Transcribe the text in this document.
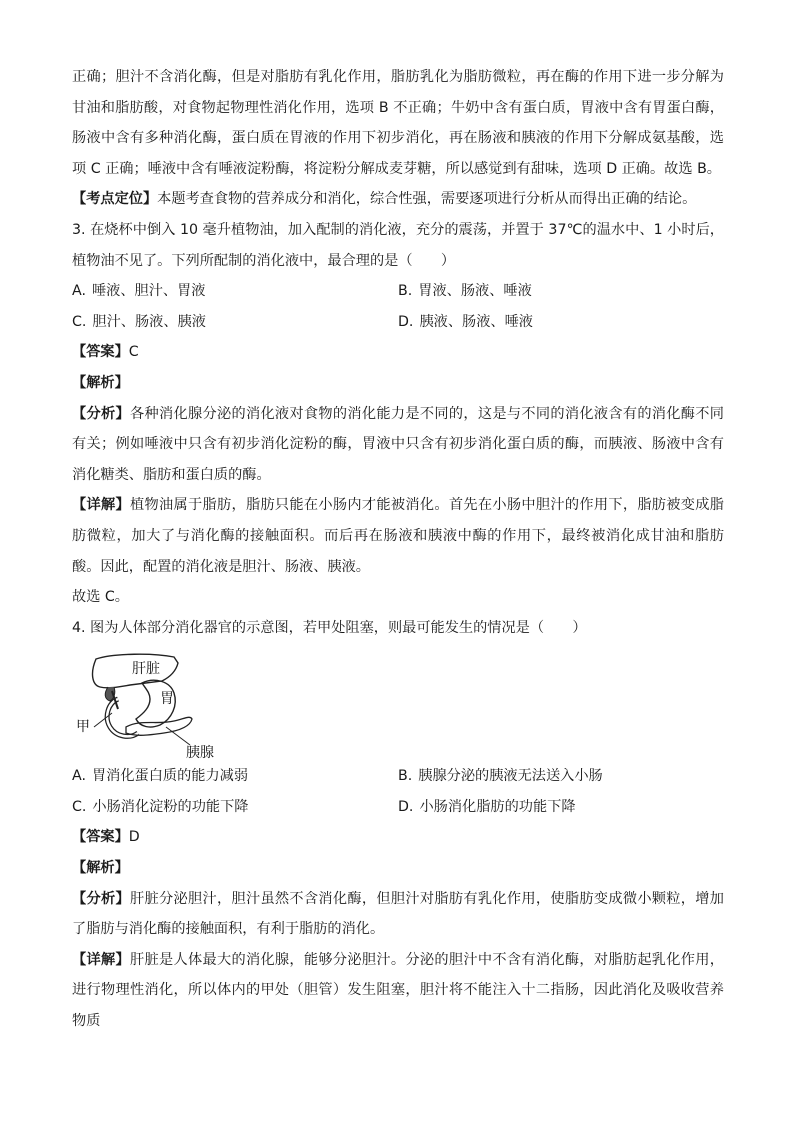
正确；胆汁不含消化酶，但是对脂肪有乳化作用，脂肪乳化为脂肪微粒，再在酶的作用下进一步分解为甘油和脂肪酸，对食物起物理性消化作用，选项 B 不正确；牛奶中含有蛋白质，胃液中含有胃蛋白酶，肠液中含有多种消化酶，蛋白质在胃液的作用下初步消化，再在肠液和胰液的作用下分解成氨基酸，选项 C 正确；唾液中含有唾液淀粉酶，将淀粉分解成麦芽糖，所以感觉到有甜味，选项 D 正确。故选 B。

【考点定位】本题考查食物的营养成分和消化，综合性强，需要逐项进行分析从而得出正确的结论。

3. 在烧杯中倒入 10 毫升植物油，加入配制的消化液，充分的震荡，并置于 37℃的温水中、1 小时后，植物油不见了。下列所配制的消化液中，最合理的是（　　）

A. 唾液、胆汁、胃液	B. 胃液、肠液、唾液
C. 胆汁、肠液、胰液	D. 胰液、肠液、唾液

【答案】C

【解析】

【分析】各种消化腺分泌的消化液对食物的消化能力是不同的，这是与不同的消化液含有的消化酶不同有关；例如唾液中只含有初步消化淀粉的酶，胃液中只含有初步消化蛋白质的酶，而胰液、肠液中含有消化糖类、脂肪和蛋白质的酶。

【详解】植物油属于脂肪，脂肪只能在小肠内才能被消化。首先在小肠中胆汁的作用下，脂肪被变成脂肪微粒，加大了与消化酶的接触面积。而后再在肠液和胰液中酶的作用下，最终被消化成甘油和脂肪酸。因此，配置的消化液是胆汁、肠液、胰液。

故选 C。

4. 图为人体部分消化器官的示意图，若甲处阻塞，则最可能发生的情况是（　　）

肝脏
胃
甲
胰腺
A. 胃消化蛋白质的能力减弱	B. 胰腺分泌的胰液无法送入小肠
C. 小肠消化淀粉的功能下降	D. 小肠消化脂肪的功能下降

【答案】D

【解析】

【分析】肝脏分泌胆汁，胆汁虽然不含消化酶，但胆汁对脂肪有乳化作用，使脂肪变成微小颗粒，增加了脂肪与消化酶的接触面积，有利于脂肪的消化。

【详解】肝脏是人体最大的消化腺，能够分泌胆汁。分泌的胆汁中不含有消化酶，对脂肪起乳化作用，进行物理性消化，所以体内的甲处（胆管）发生阻塞，胆汁将不能注入十二指肠，因此消化及吸收营养物质
